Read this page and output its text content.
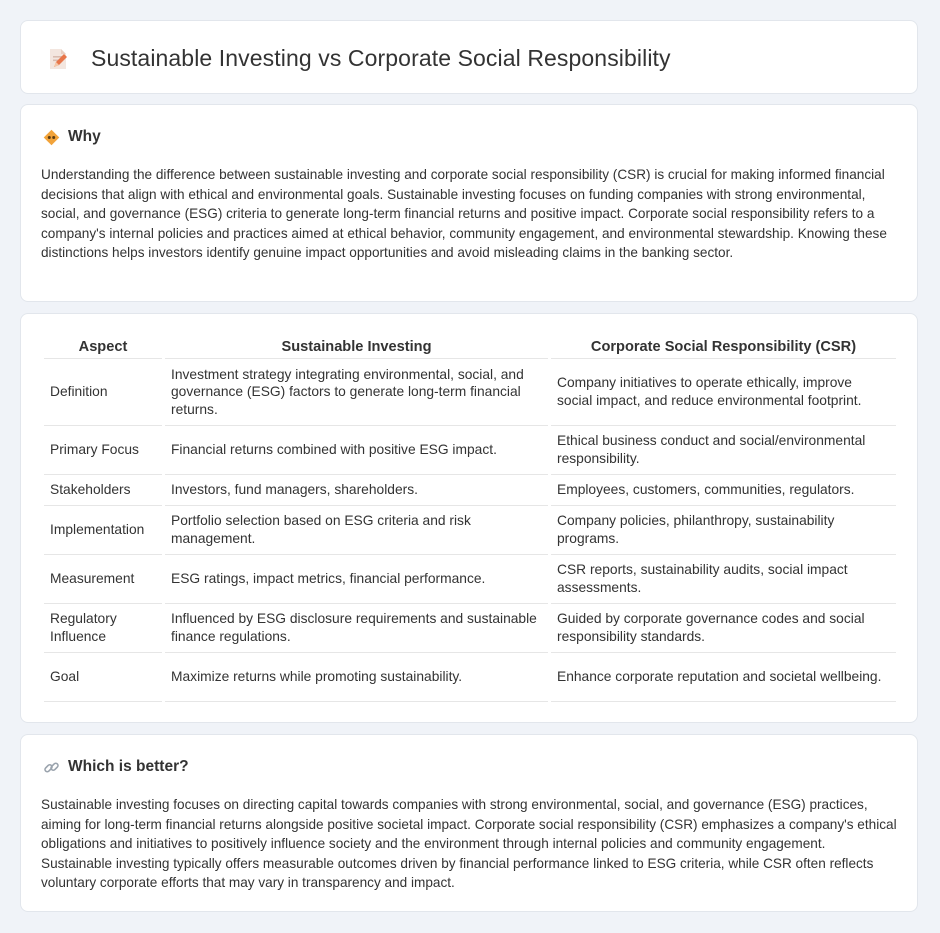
Sustainable Investing vs Corporate Social Responsibility
Why

Understanding the difference between sustainable investing and corporate social responsibility (CSR) is crucial for making informed financial decisions that align with ethical and environmental goals. Sustainable investing focuses on funding companies with strong environmental, social, and governance (ESG) criteria to generate long-term financial returns and positive impact. Corporate social responsibility refers to a company's internal policies and practices aimed at ethical behavior, community engagement, and environmental stewardship. Knowing these distinctions helps investors identify genuine impact opportunities and avoid misleading claims in the banking sector.

Aspect	Sustainable Investing	Corporate Social Responsibility (CSR)
Definition	Investment strategy integrating environmental, social, and governance (ESG) factors to generate long-term financial returns.	Company initiatives to operate ethically, improve social impact, and reduce environmental footprint.
Primary Focus	Financial returns combined with positive ESG impact.	Ethical business conduct and social/environmental responsibility.
Stakeholders	Investors, fund managers, shareholders.	Employees, customers, communities, regulators.
Implementation	Portfolio selection based on ESG criteria and risk management.	Company policies, philanthropy, sustainability programs.
Measurement	ESG ratings, impact metrics, financial performance.	CSR reports, sustainability audits, social impact assessments.
Regulatory Influence	Influenced by ESG disclosure requirements and sustainable finance regulations.	Guided by corporate governance codes and social responsibility standards.
Goal	Maximize returns while promoting sustainability.	Enhance corporate reputation and societal wellbeing.
Which is better?

Sustainable investing focuses on directing capital towards companies with strong environmental, social, and governance (ESG) practices, aiming for long-term financial returns alongside positive societal impact. Corporate social responsibility (CSR) emphasizes a company's ethical obligations and initiatives to positively influence society and the environment through internal policies and community engagement. Sustainable investing typically offers measurable outcomes driven by financial performance linked to ESG criteria, while CSR often reflects voluntary corporate efforts that may vary in transparency and impact.
